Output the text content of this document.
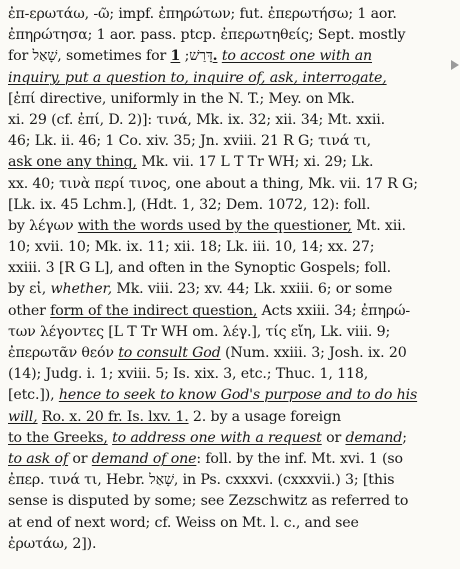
ἐπ-ερωτάω, -ῶ; impf. ἐπηρώτων; fut. ἐπερωτήσω; 1 aor.
ἐπηρώτησα; 1 aor. pass. ptcp. ἐπερωτηθείς; Sept. mostly
for שָׁאַל, sometimes for דָּרַשׁ; 1. to accost one with an
inquiry, put a question to, inquire of, ask, interrogate,
[ἐπί directive, uniformly in the N. T.; Mey. on Mk.
xi. 29 (cf. ἐπί, D. 2)]: τινά, Mk. ix. 32; xii. 34; Mt. xxii.
46; Lk. ii. 46; 1 Co. xiv. 35; Jn. xviii. 21 R G; τινά τι,
ask one any thing, Mk. vii. 17 L T Tr WH; xi. 29; Lk.
xx. 40; τινὰ περί τινος, one about a thing, Mk. vii. 17 R G;
[Lk. ix. 45 Lchm.], (Hdt. 1, 32; Dem. 1072, 12): foll.
by λέγων with the words used by the questioner, Mt. xii.
10; xvii. 10; Mk. ix. 11; xii. 18; Lk. iii. 10, 14; xx. 27;
xxiii. 3 [R G L], and often in the Synoptic Gospels; foll.
by εἰ, whether, Mk. viii. 23; xv. 44; Lk. xxiii. 6; or some
other form of the indirect question, Acts xxiii. 34; ἐπηρώ-
των λέγοντες [L T Tr WH om. λέγ.], τίς εἴη, Lk. viii. 9;
ἐπερωτᾶν θεόν to consult God (Num. xxiii. 3; Josh. ix. 20
(14); Judg. i. 1; xviii. 5; Is. xix. 3, etc.; Thuc. 1, 118,
[etc.]), hence to seek to know God's purpose and to do his
will, Ro. x. 20 fr. Is. lxv. 1. 2. by a usage foreign
to the Greeks, to address one with a request or demand;
to ask of or demand of one: foll. by the inf. Mt. xvi. 1 (so
ἐπερ. τινά τι, Hebr. שָׁאַל, in Ps. cxxxvi. (cxxxvii.) 3; [this
sense is disputed by some; see Zezschwitz as referred to
at end of next word; cf. Weiss on Mt. l. c., and see
ἐρωτάω, 2]).
